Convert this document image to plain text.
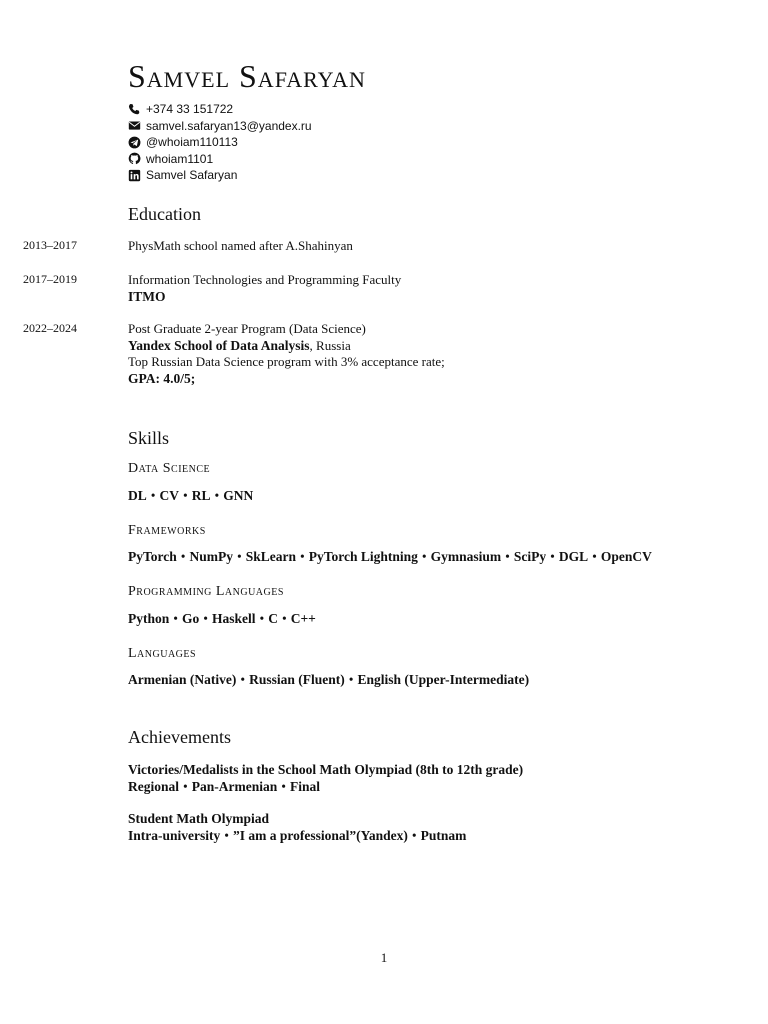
Samvel Safaryan
+374 33 151722
samvel.safaryan13@yandex.ru
@whoiam110113
whoiam1101
Samvel Safaryan
Education
2013–2017	PhysMath school named after A.Shahinyan
2017–2019	Information Technologies and Programming Faculty
ITMO
2022–2024	Post Graduate 2-year Program (Data Science)
Yandex School of Data Analysis, Russia
Top Russian Data Science program with 3% acceptance rate;
GPA: 4.0/5;
Skills
Data Science

DL • CV • RL • GNN

Frameworks

PyTorch • NumPy • SkLearn • PyTorch Lightning • Gymnasium • SciPy • DGL • OpenCV

Programming Languages

Python • Go • Haskell • C • C++

Languages

Armenian (Native) • Russian (Fluent) • English (Upper-Intermediate)

Achievements
Victories/Medalists in the School Math Olympiad (8th to 12th grade)
Regional • Pan-Armenian • Final
Student Math Olympiad
Intra-university • ”I am a professional”(Yandex) • Putnam
1
